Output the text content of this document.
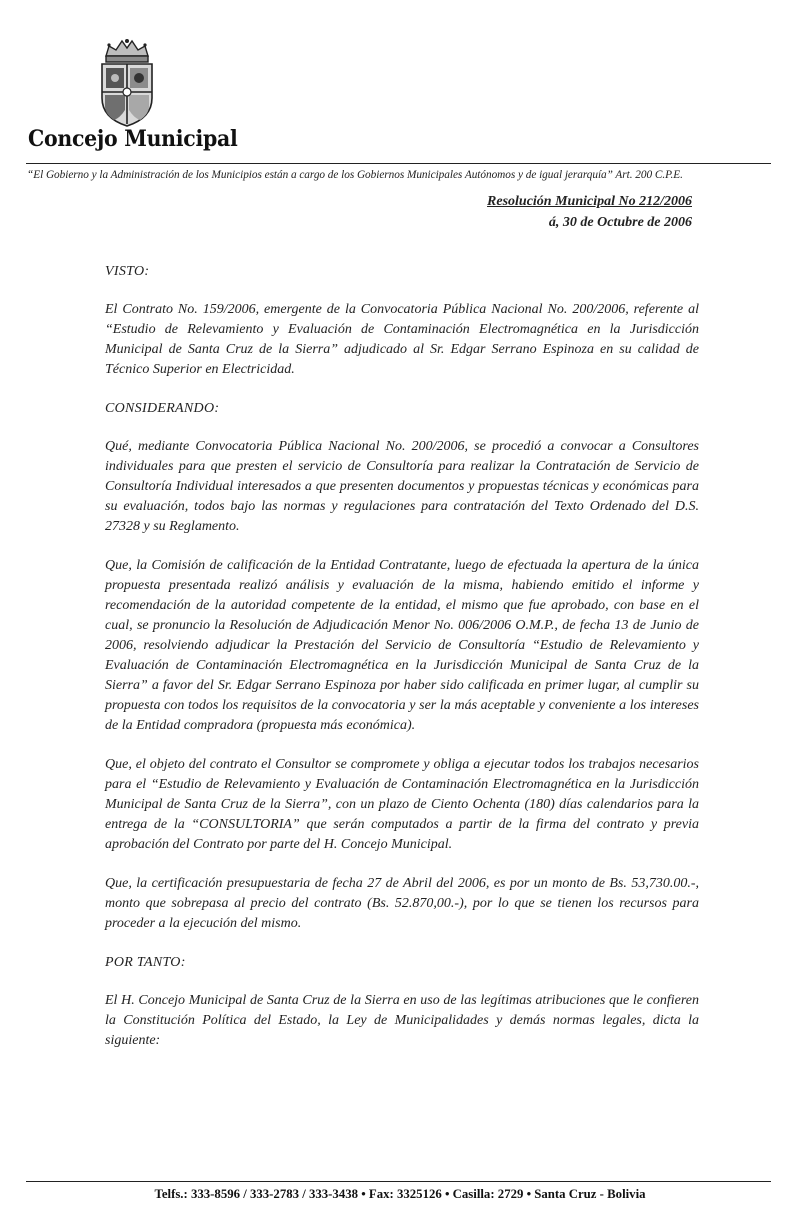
Concejo Municipal
“El Gobierno y la Administración de los Municipios están a cargo de los Gobiernos Municipales Autónomos y de igual jerarquía” Art. 200 C.P.E.
Resolución Municipal No 212/2006
á, 30 de Octubre de 2006
VISTO:

El Contrato No. 159/2006, emergente de la Convocatoria Pública Nacional No. 200/2006, referente al “Estudio de Relevamiento y Evaluación de Contaminación Electromagnética en la Jurisdicción Municipal de Santa Cruz de la Sierra” adjudicado al Sr. Edgar Serrano Espinoza en su calidad de Técnico Superior en Electricidad.

CONSIDERANDO:

Qué, mediante Convocatoria Pública Nacional No. 200/2006, se procedió a convocar a Consultores individuales para que presten el servicio de Consultoría para realizar la Contratación de Servicio de Consultoría Individual interesados a que presenten documentos y propuestas técnicas y económicas para su evaluación, todos bajo las normas y regulaciones para contratación del Texto Ordenado del D.S. 27328 y su Reglamento.

Que, la Comisión de calificación de la Entidad Contratante, luego de efectuada la apertura de la única propuesta presentada realizó análisis y evaluación de la misma, habiendo emitido el informe y recomendación de la autoridad competente de la entidad, el mismo que fue aprobado, con base en el cual, se pronuncio la Resolución de Adjudicación Menor No. 006/2006 O.M.P., de fecha 13 de Junio de 2006, resolviendo adjudicar la Prestación del Servicio de Consultoría “Estudio de Relevamiento y Evaluación de Contaminación Electromagnética en la Jurisdicción Municipal de Santa Cruz de la Sierra” a favor del Sr. Edgar Serrano Espinoza por haber sido calificada en primer lugar, al cumplir su propuesta con todos los requisitos de la convocatoria y ser la más aceptable y conveniente a los intereses de la Entidad compradora (propuesta más económica).

Que, el objeto del contrato el Consultor se compromete y obliga a ejecutar todos los trabajos necesarios para el “Estudio de Relevamiento y Evaluación de Contaminación Electromagnética en la Jurisdicción Municipal de Santa Cruz de la Sierra”, con un plazo de Ciento Ochenta (180) días calendarios para la entrega de la “CONSULTORIA” que serán computados a partir de la firma del contrato y previa aprobación del Contrato por parte del H. Concejo Municipal.

Que, la certificación presupuestaria de fecha 27 de Abril del 2006, es por un monto de Bs. 53,730.00.-, monto que sobrepasa al precio del contrato (Bs. 52.870,00.-), por lo que se tienen los recursos para proceder a la ejecución del mismo.

POR TANTO:

El H. Concejo Municipal de Santa Cruz de la Sierra en uso de las legítimas atribuciones que le confieren la Constitución Política del Estado, la Ley de Municipalidades y demás normas legales, dicta la siguiente:

Telfs.: 333-8596 / 333-2783 / 333-3438 • Fax: 3325126 • Casilla: 2729 • Santa Cruz - Bolivia
